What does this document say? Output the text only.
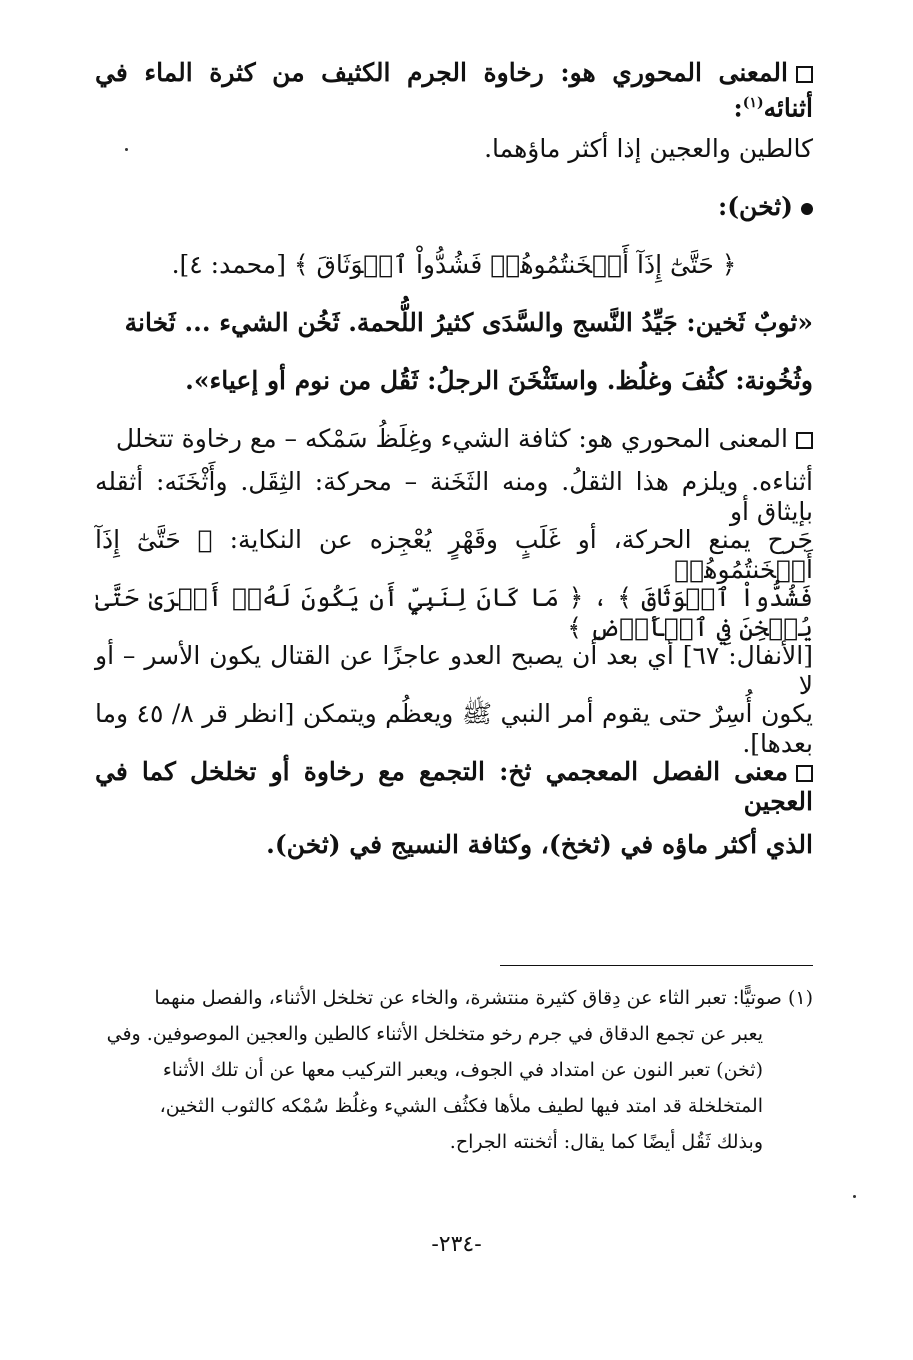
المعنى المحوري هو: رخاوة الجرم الكثيف من كثرة الماء في أثنائه$^{(١)}$:
كالطين والعجين إذا أكثر ماؤهما.
(ثخن):
﴿ حَتَّىٰٓ إِذَآ أَثۡخَنتُمُوهُمۡ فَشُدُّواْ ٱلۡوَثَاقَ ﴾ [محمد: ٤].
«ثوبٌ ثَخين: جَيِّدُ النَّسج والسَّدَى كثيرُ اللُّحمة. ثَخُن الشيء ... ثَخانة
وثُخُونة: كثُفَ وغلُظ. واستَثْخَنَ الرجلُ: ثَقُل من نوم أو إعياء».
المعنى المحوري هو: كثافة الشيء وغِلَظُ سَمْكه – مع رخاوة تتخلل
أثناءه. ويلزم هذا الثقلُ. ومنه الثَخَنة – محركة: الثِقَل. وأَثْخَنَه: أثقله بإيثاق أو
جَرح يمنع الحركة، أو غَلَبٍ وقَهْرٍ يُعْجِزه عن النكاية: ﴿ حَتَّىٰٓ إِذَآ أَثۡخَنتُمُوهُمۡ
فَشُدُّواْ ٱلۡوَثَاقَ ﴾ ، ﴿ مَا كَانَ لِنَبِيٍّ أَن يَكُونَ لَهُۥٓ أَسۡرَىٰ حَتَّىٰ يُثۡخِنَ فِي ٱلۡأَرۡضِ ﴾
[الأنفال: ٦٧] أي بعد أن يصبح العدو عاجزًا عن القتال يكون الأسر – أو لا
يكون أُسِرٌ حتى يقوم أمر النبي ﷺ ويعظُم ويتمكن [انظر قر ٨/ ٤٥ وما بعدها].
معنى الفصل المعجمي ثخ: التجمع مع رخاوة أو تخلخل كما في العجين
الذي أكثر ماؤه في (ثخخ)، وكثافة النسيج في (ثخن).
(١) صوتيًّا: تعبر الثاء عن دِقاق كثيرة منتشرة، والخاء عن تخلخل الأثناء، والفصل منهما
يعبر عن تجمع الدقاق في جرم رخو متخلخل الأثناء كالطين والعجين الموصوفين. وفي
(ثخن) تعبر النون عن امتداد في الجوف، ويعبر التركيب معها عن أن تلك الأثناء
المتخلخلة قد امتد فيها لطيف ملأها فكثُف الشيء وغلُظ سُمْكه كالثوب الثخين،
وبذلك ثَقُل أيضًا كما يقال: أثخنته الجراح.
-٢٣٤-
